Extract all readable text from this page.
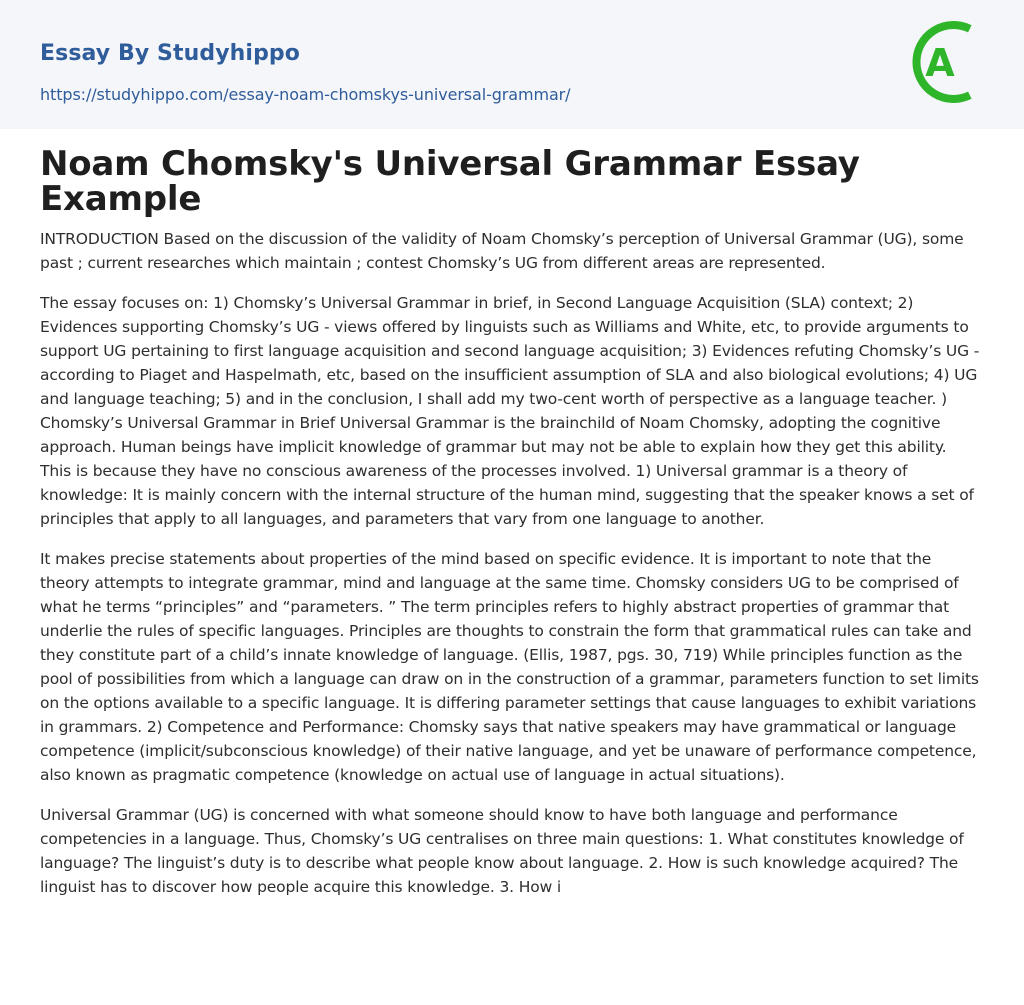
Essay By Studyhippo
https://studyhippo.com/essay-noam-chomskys-universal-grammar/
A
Noam Chomsky's Universal Grammar Essay Example

INTRODUCTION Based on the discussion of the validity of Noam Chomsky’s perception of Universal Grammar (UG), some past ; current researches which maintain ; contest Chomsky’s UG from different areas are represented.

The essay focuses on: 1) Chomsky’s Universal Grammar in brief, in Second Language Acquisition (SLA) context; 2) Evidences supporting Chomsky’s UG - views offered by linguists such as Williams and White, etc, to provide arguments to support UG pertaining to first language acquisition and second language acquisition; 3) Evidences refuting Chomsky’s UG - according to Piaget and Haspelmath, etc, based on the insufficient assumption of SLA and also biological evolutions; 4) UG and language teaching; 5) and in the conclusion, I shall add my two-cent worth of perspective as a language teacher. ) Chomsky’s Universal Grammar in Brief Universal Grammar is the brainchild of Noam Chomsky, adopting the cognitive approach. Human beings have implicit knowledge of grammar but may not be able to explain how they get this ability. This is because they have no conscious awareness of the processes involved. 1) Universal grammar is a theory of knowledge: It is mainly concern with the internal structure of the human mind, suggesting that the speaker knows a set of principles that apply to all languages, and parameters that vary from one language to another.

It makes precise statements about properties of the mind based on specific evidence. It is important to note that the theory attempts to integrate grammar, mind and language at the same time. Chomsky considers UG to be comprised of what he terms “principles” and “parameters. ” The term principles refers to highly abstract properties of grammar that underlie the rules of specific languages. Principles are thoughts to constrain the form that grammatical rules can take and they constitute part of a child’s innate knowledge of language. (Ellis, 1987, pgs. 30, 719) While principles function as the pool of possibilities from which a language can draw on in the construction of a grammar, parameters function to set limits on the options available to a specific language. It is differing parameter settings that cause languages to exhibit variations in grammars. 2) Competence and Performance: Chomsky says that native speakers may have grammatical or language competence (implicit/subconscious knowledge) of their native language, and yet be unaware of performance competence, also known as pragmatic competence (knowledge on actual use of language in actual situations).

Universal Grammar (UG) is concerned with what someone should know to have both language and performance competencies in a language. Thus, Chomsky’s UG centralises on three main questions: 1. What constitutes knowledge of language? The linguist’s duty is to describe what people know about language. 2. How is such knowledge acquired? The linguist has to discover how people acquire this knowledge. 3. How i
